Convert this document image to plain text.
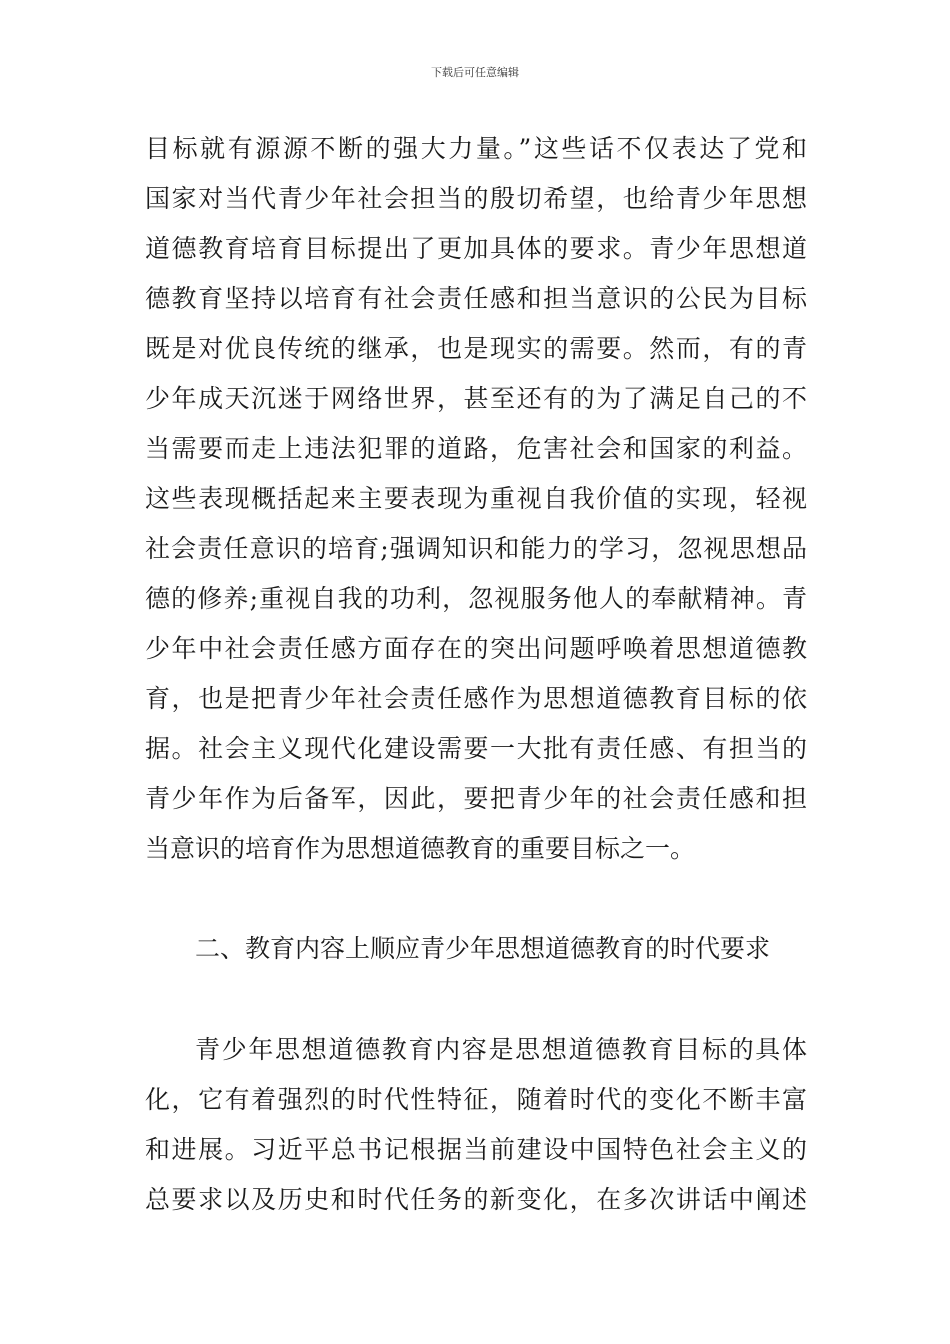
下载后可任意编辑
目标就有源源不断的强大力量。”这些话不仅表达了党和
国家对当代青少年社会担当的殷切希望，也给青少年思想
道德教育培育目标提出了更加具体的要求。青少年思想道
德教育坚持以培育有社会责任感和担当意识的公民为目标
既是对优良传统的继承，也是现实的需要。然而，有的青
少年成天沉迷于网络世界，甚至还有的为了满足自己的不
当需要而走上违法犯罪的道路，危害社会和国家的利益。
这些表现概括起来主要表现为重视自我价值的实现，轻视
社会责任意识的培育;强调知识和能力的学习，忽视思想品
德的修养;重视自我的功利，忽视服务他人的奉献精神。青
少年中社会责任感方面存在的突出问题呼唤着思想道德教
育，也是把青少年社会责任感作为思想道德教育目标的依
据。社会主义现代化建设需要一大批有责任感、有担当的
青少年作为后备军，因此，要把青少年的社会责任感和担
当意识的培育作为思想道德教育的重要目标之一。
二、教育内容上顺应青少年思想道德教育的时代要求
青少年思想道德教育内容是思想道德教育目标的具体
化，它有着强烈的时代性特征，随着时代的变化不断丰富
和进展。习近平总书记根据当前建设中国特色社会主义的
总要求以及历史和时代任务的新变化，在多次讲话中阐述
